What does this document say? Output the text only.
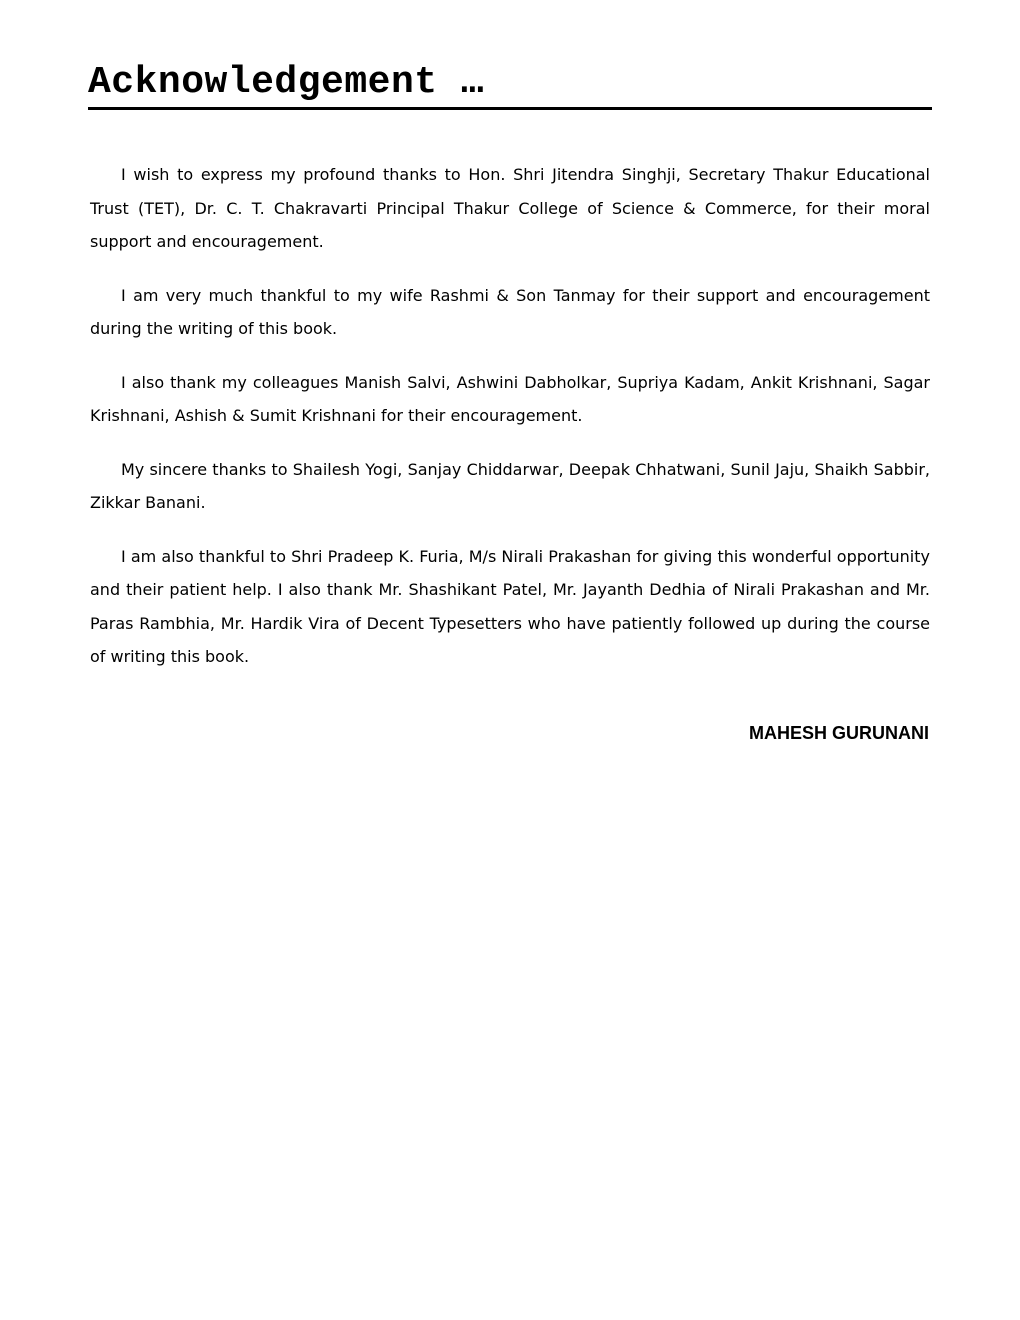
Acknowledgement …

I wish to express my profound thanks to Hon. Shri Jitendra Singhji, Secretary Thakur Educational Trust (TET), Dr. C. T. Chakravarti Principal Thakur College of Science & Commerce, for their moral support and encouragement.

I am very much thankful to my wife Rashmi & Son Tanmay for their support and encouragement during the writing of this book.

I also thank my colleagues Manish Salvi, Ashwini Dabholkar, Supriya Kadam, Ankit Krishnani, Sagar Krishnani, Ashish & Sumit Krishnani for their encouragement.

My sincere thanks to Shailesh Yogi, Sanjay Chiddarwar, Deepak Chhatwani, Sunil Jaju, Shaikh Sabbir, Zikkar Banani.

I am also thankful to Shri Pradeep K. Furia, M/s Nirali Prakashan for giving this wonderful opportunity and their patient help. I also thank Mr. Shashikant Patel, Mr. Jayanth Dedhia of Nirali Prakashan and Mr. Paras Rambhia, Mr. Hardik Vira of Decent Typesetters who have patiently followed up during the course of writing this book.

MAHESH GURUNANI
